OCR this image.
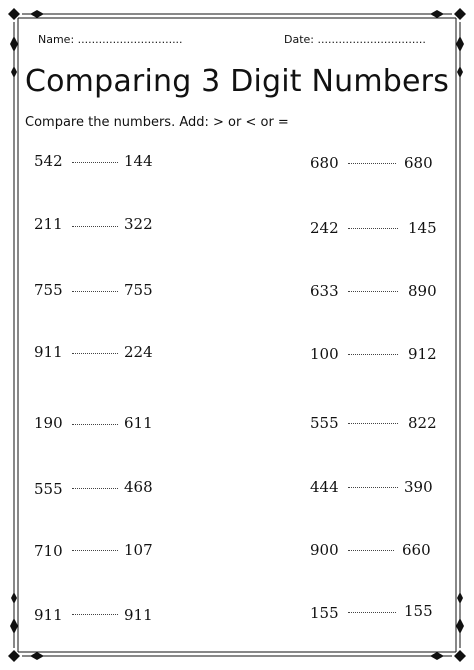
Name: ..............................	Date: ...............................
Comparing 3 Digit Numbers
Compare the numbers. Add: > or < or =
542	144
211	322
755	755
911	224
190	611
555	468
710	107
911	911
680	680
242	145
633	890
100	912
555	822
444	390
900	660
155	155
